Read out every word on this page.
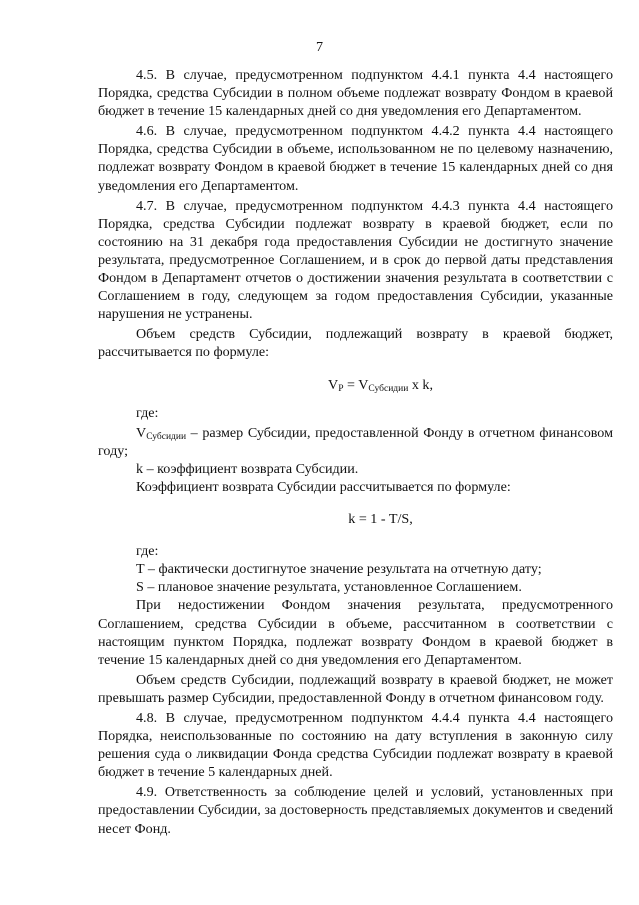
7

4.5. В случае, предусмотренном подпунктом 4.4.1 пункта 4.4 настоящего Порядка, средства Субсидии в полном объеме подлежат возврату Фондом в краевой бюджет в течение 15 календарных дней со дня уведомления его Департаментом.

4.6. В случае, предусмотренном подпунктом 4.4.2 пункта 4.4 настоящего Порядка, средства Субсидии в объеме, использованном не по целевому назначению, подлежат возврату Фондом в краевой бюджет в течение 15 календарных дней со дня уведомления его Департаментом.

4.7. В случае, предусмотренном подпунктом 4.4.3 пункта 4.4 настоящего Порядка, средства Субсидии подлежат возврату в краевой бюджет, если по состоянию на 31 декабря года предоставления Субсидии не достигнуто значение результата, предусмотренное Соглашением, и в срок до первой даты представления Фондом в Департамент отчетов о достижении значения результата в соответствии с Соглашением в году, следующем за годом предоставления Субсидии, указанные нарушения не устранены.

Объем средств Субсидии, подлежащий возврату в краевой бюджет, рассчитывается по формуле:

$V_P = V_{Субсидии}$ x k,

где:

$V_{Субсидии}$ – размер Субсидии, предоставленной Фонду в отчетном финансовом году;

k – коэффициент возврата Субсидии.

Коэффициент возврата Субсидии рассчитывается по формуле:

k = 1 - T/S,

где:

T – фактически достигнутое значение результата на отчетную дату;

S – плановое значение результата, установленное Соглашением.

При недостижении Фондом значения результата, предусмотренного Соглашением, средства Субсидии в объеме, рассчитанном в соответствии с настоящим пунктом Порядка, подлежат возврату Фондом в краевой бюджет в течение 15 календарных дней со дня уведомления его Департаментом.

Объем средств Субсидии, подлежащий возврату в краевой бюджет, не может превышать размер Субсидии, предоставленной Фонду в отчетном финансовом году.

4.8. В случае, предусмотренном подпунктом 4.4.4 пункта 4.4 настоящего Порядка, неиспользованные по состоянию на дату вступления в законную силу решения суда о ликвидации Фонда средства Субсидии подлежат возврату в краевой бюджет в течение 5 календарных дней.

4.9. Ответственность за соблюдение целей и условий, установленных при предоставлении Субсидии, за достоверность представляемых документов и сведений несет Фонд.
